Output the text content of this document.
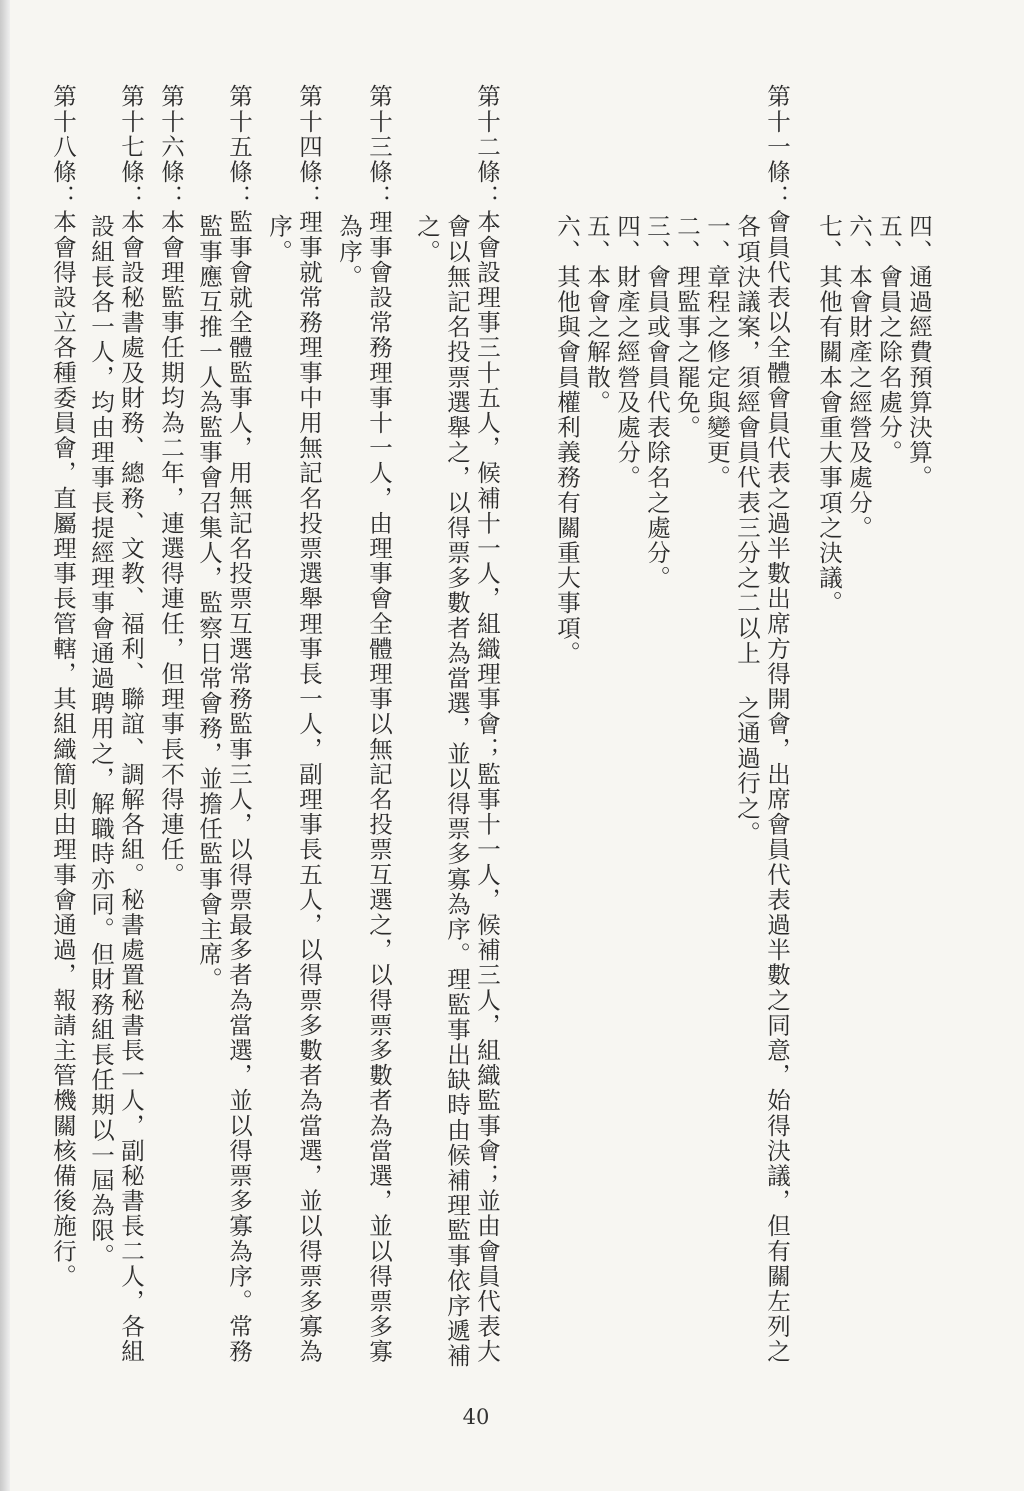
四、通過經費預算決算。
五、會員之除名處分。
六、本會財產之經營及處分。
七、其他有關本會重大事項之決議。
第十一條：會員代表以全體會員代表之過半數出席方得開會，出席會員代表過半數之同意，始得決議，但有關左列之
各項決議案，須經會員代表三分之二以上 之通過行之。
一、章程之修定與變更。
二、理監事之罷免。
三、會員或會員代表除名之處分。
四、財產之經營及處分。
五、本會之解散。
六、其他與會員權利義務有關重大事項。
第十二條：本會設理事三十五人，候補十一人，組織理事會；監事十一人，候補三人，組織監事會；並由會員代表大
會以無記名投票選舉之，以得票多數者為當選，並以得票多寡為序。理監事出缺時由候補理監事依序遞補
之。
第十三條：理事會設常務理事十一人，由理事會全體理事以無記名投票互選之，以得票多數者為當選，並以得票多寡
為序。
第十四條：理事就常務理事中用無記名投票選舉理事長一人，副理事長五人，以得票多數者為當選，並以得票多寡為
序。
第十五條：監事會就全體監事人，用無記名投票互選常務監事三人，以得票最多者為當選，並以得票多寡為序。常務
監事應互推一人為監事會召集人，監察日常會務，並擔任監事會主席。
第十六條：本會理監事任期均為二年，連選得連任，但理事長不得連任。
第十七條：本會設秘書處及財務、總務、文教、福利、聯誼、調解各組。秘書處置秘書長一人，副秘書長二人，各組
設組長各一人，均由理事長提經理事會通過聘用之，解職時亦同。但財務組長任期以一屆為限。
第十八條：本會得設立各種委員會，直屬理事長管轄，其組織簡則由理事會通過，報請主管機關核備後施行。
40
